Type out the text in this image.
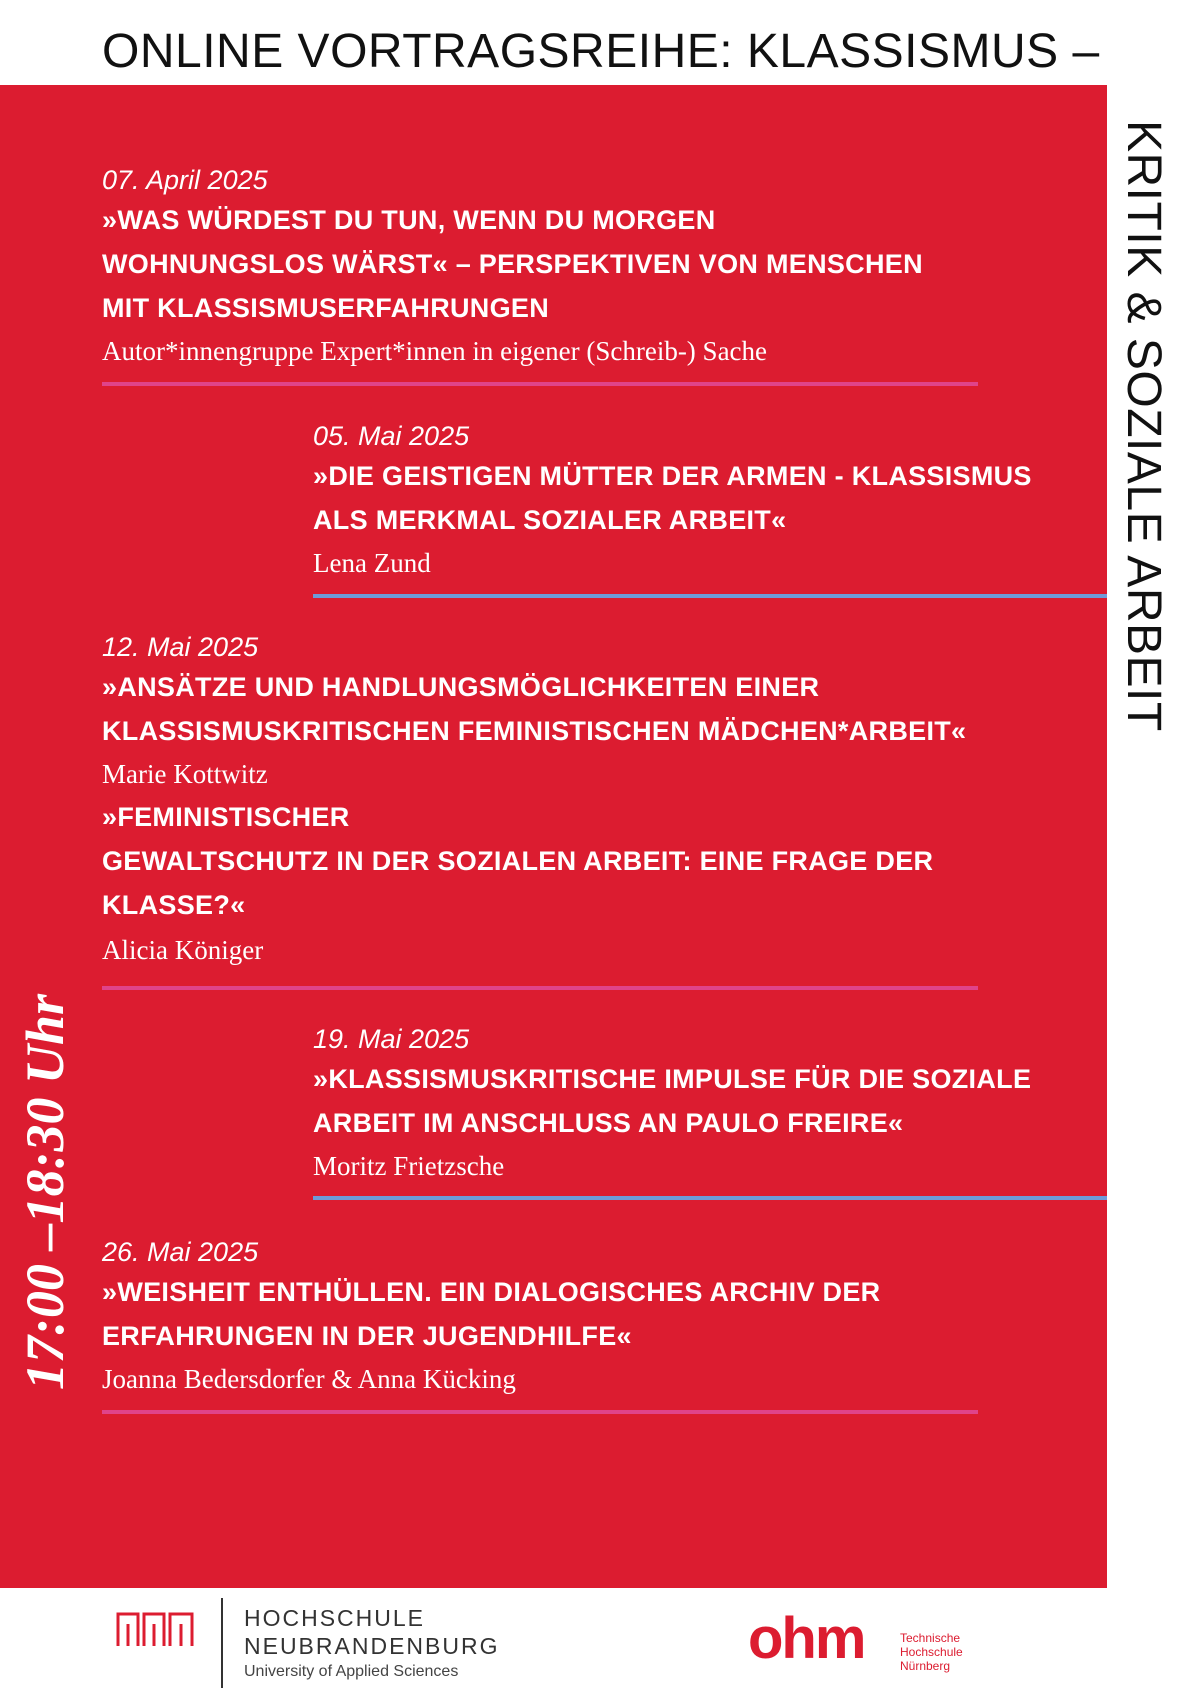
ONLINE VORTRAGSREIHE: KLASSISMUS –
KRITIK & SOZIALE ARBEIT
17:00 –18:30 Uhr
07. April 2025
»WAS WÜRDEST DU TUN, WENN DU MORGEN
WOHNUNGSLOS WÄRST« – PERSPEKTIVEN VON MENSCHEN
MIT KLASSISMUSERFAHRUNGEN
Autor*innengruppe Expert*innen in eigener (Schreib-) Sache
05. Mai 2025
»DIE GEISTIGEN MÜTTER DER ARMEN - KLASSISMUS
ALS MERKMAL SOZIALER ARBEIT«
Lena Zund
12. Mai 2025
»ANSÄTZE UND HANDLUNGSMÖGLICHKEITEN EINER
KLASSISMUSKRITISCHEN FEMINISTISCHEN MÄDCHEN*ARBEIT«
Marie Kottwitz
»FEMINISTISCHER
GEWALTSCHUTZ IN DER SOZIALEN ARBEIT: EINE FRAGE DER
KLASSE?«
Alicia Königer
19. Mai 2025
»KLASSISMUSKRITISCHE IMPULSE FÜR DIE SOZIALE
ARBEIT IM ANSCHLUSS AN PAULO FREIRE«
Moritz Frietzsche
26. Mai 2025
»WEISHEIT ENTHÜLLEN. EIN DIALOGISCHES ARCHIV DER
ERFAHRUNGEN IN DER JUGENDHILFE«
Joanna Bedersdorfer & Anna Kücking
HOCHSCHULE
NEUBRANDENBURG
University of Applied Sciences
ohm	Technische
Hochschule
Nürnberg
